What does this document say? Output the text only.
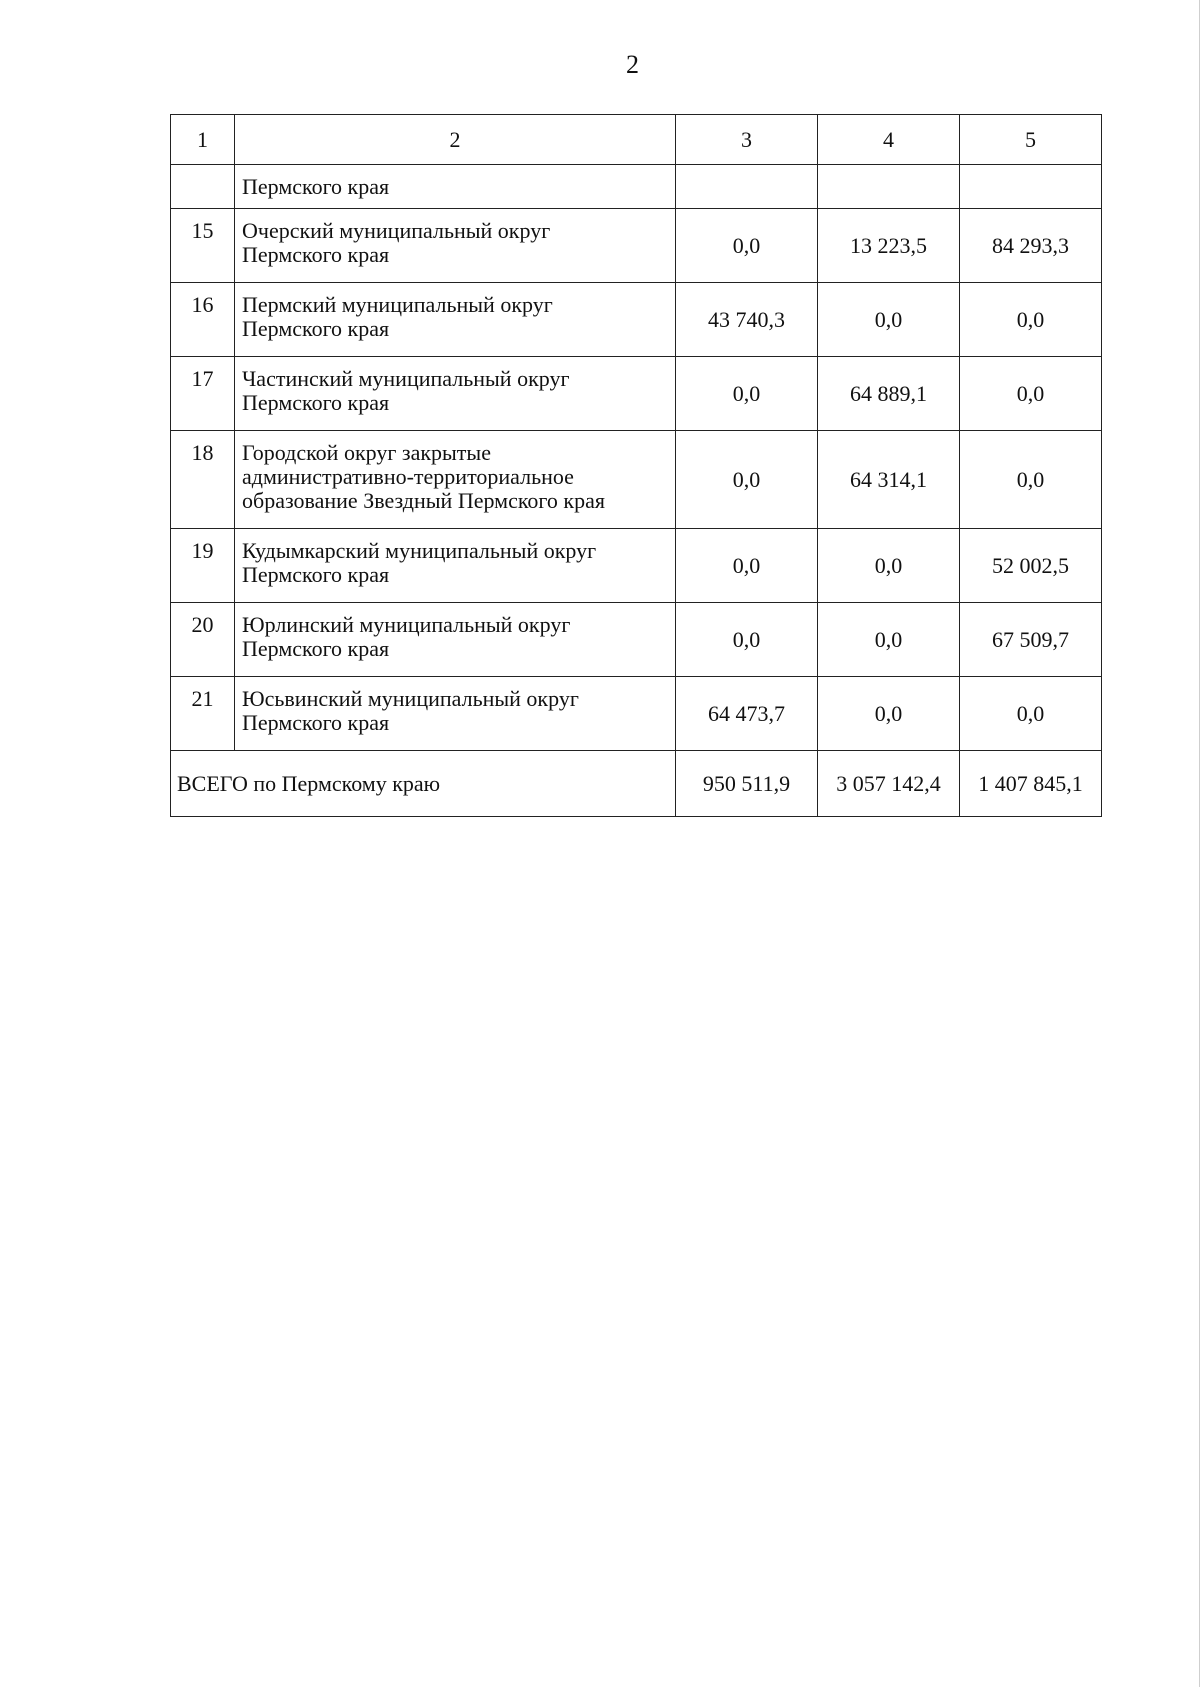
2
1	2	3	4	5

	Пермского края			

15	Очерский муниципальный округ
Пермского края	0,0	13 223,5	84 293,3
16	Пермский муниципальный округ
Пермского края	43 740,3	0,0	0,0
17	Частинский муниципальный округ
Пермского края	0,0	64 889,1	0,0
18	Городской округ закрытые
административно-территориальное
образование Звездный Пермского края	0,0	64 314,1	0,0
19	Кудымкарский муниципальный округ
Пермского края	0,0	0,0	52 002,5
20	Юрлинский муниципальный округ
Пермского края	0,0	0,0	67 509,7
21	Юсьвинский муниципальный округ
Пермского края	64 473,7	0,0	0,0
ВСЕГО по Пермскому краю		950 511,9	3 057 142,4	1 407 845,1
